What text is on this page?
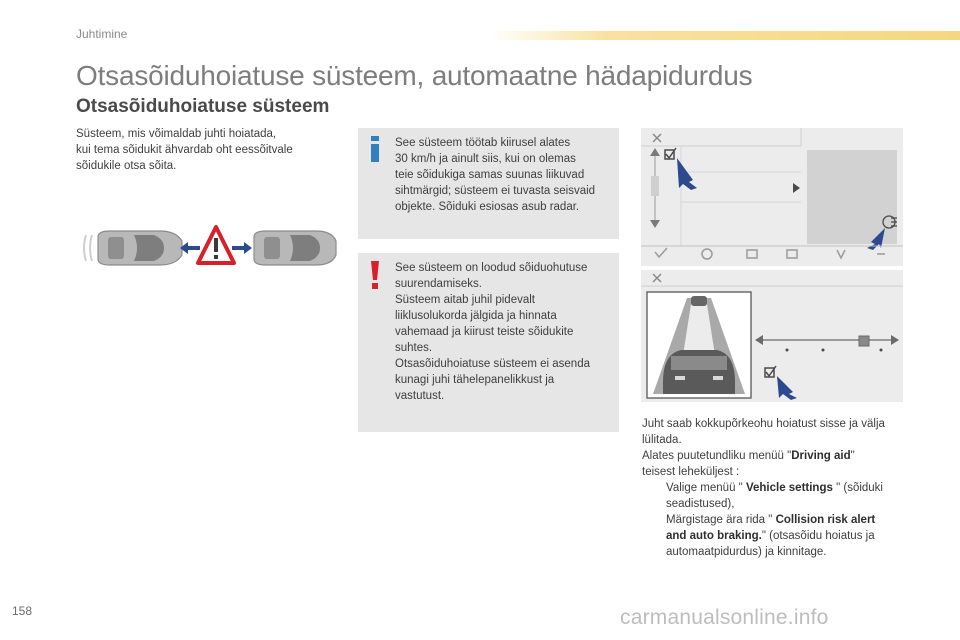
Juhtimine
Otsasõiduhoiatuse süsteem, automaatne hädapidurdus
Otsasõiduhoiatuse süsteem
Süsteem, mis võimaldab juhti hoiatada,
kui tema sõidukit ähvardab oht eessõitvale
sõidukile otsa sõita.
See süsteem töötab kiirusel alates
30 km/h ja ainult siis, kui on olemas
teie sõidukiga samas suunas liikuvad
sihtmärgid; süsteem ei tuvasta seisvaid
objekte. Sõiduki esiosas asub radar.
See süsteem on loodud sõiduohutuse
suurendamiseks.
Süsteem aitab juhil pidevalt
liiklusolukorda jälgida ja hinnata
vahemaad ja kiirust teiste sõidukite
suhtes.
Otsasõiduhoiatuse süsteem ei asenda
kunagi juhi tähelepanelikkust ja
vastutust.
Juht saab kokkupõrkeohu hoiatust sisse ja välja
lülitada.
Alates puutetundliku menüü "Driving aid"
teisest leheküljest :
Valige menüü " Vehicle settings " (sõiduki
seadistused),
Märgistage ära rida " Collision risk alert
and auto braking." (otsasõidu hoiatus ja
automaatpidurdus) ja kinnitage.
158	carmanualsonline.info
